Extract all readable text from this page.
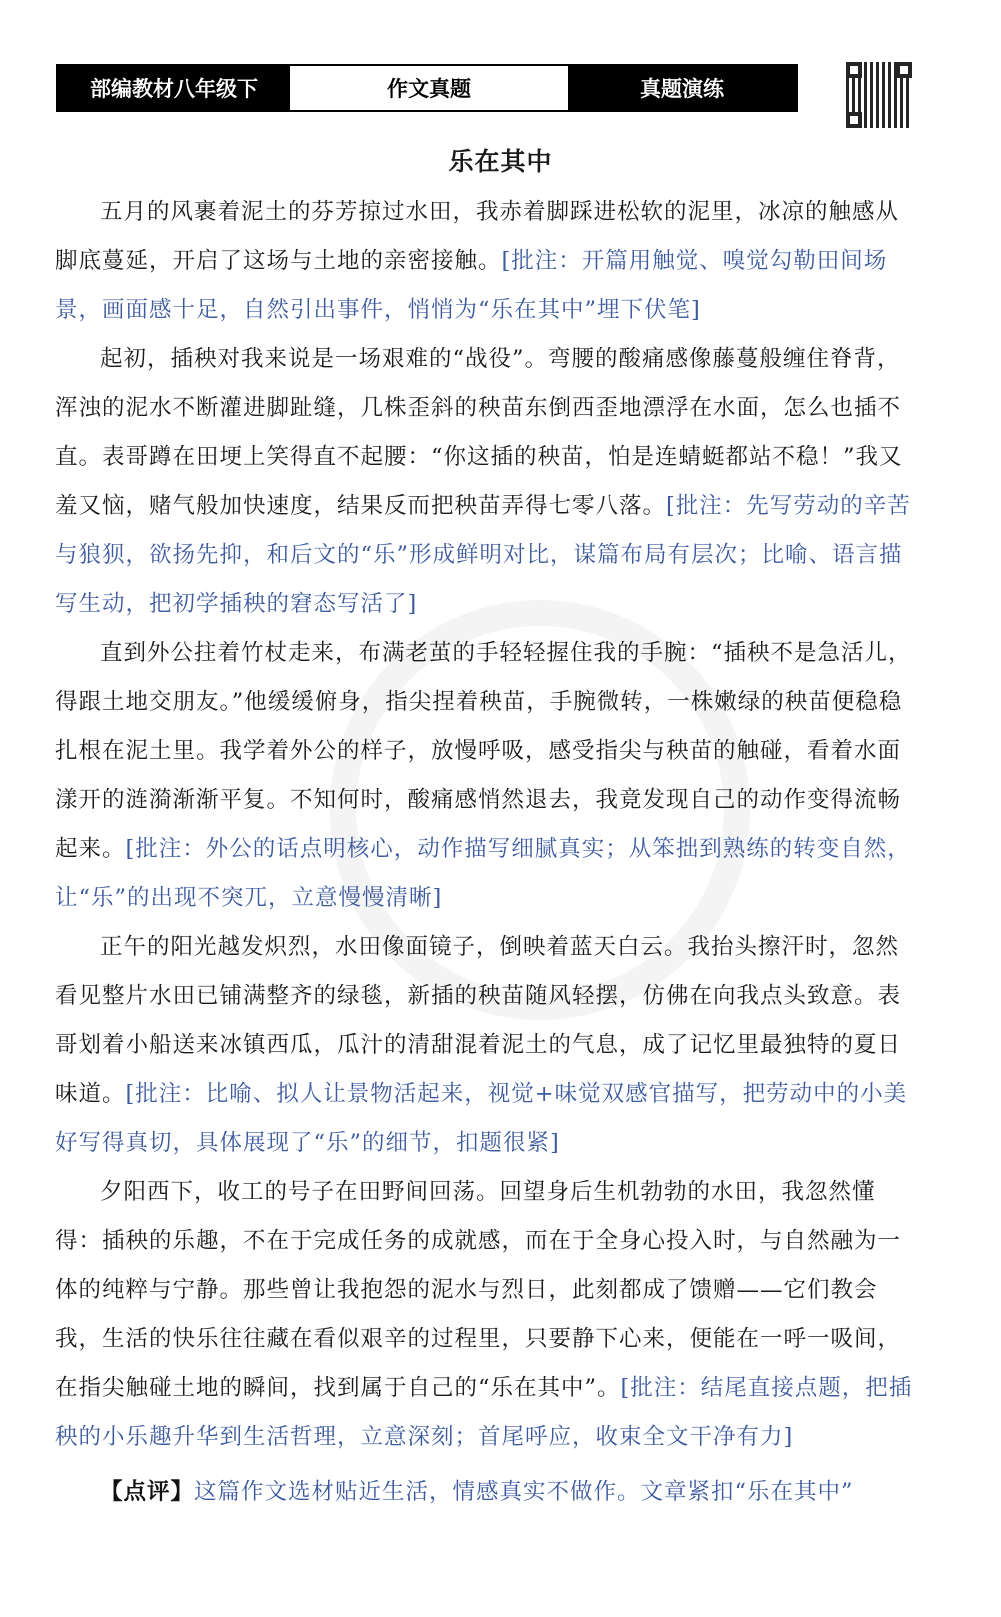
部编教材八年级下	作文真题	真题演练
乐在其中

五月的风裹着泥土的芬芳掠过水田，我赤着脚踩进松软的泥里，冰凉的触感从脚底蔓延，开启了这场与土地的亲密接触。[批注：开篇用触觉、嗅觉勾勒田间场景，画面感十足，自然引出事件，悄悄为“乐在其中”埋下伏笔]

起初，插秧对我来说是一场艰难的“战役”。弯腰的酸痛感像藤蔓般缠住脊背，浑浊的泥水不断灌进脚趾缝，几株歪斜的秧苗东倒西歪地漂浮在水面，怎么也插不直。表哥蹲在田埂上笑得直不起腰：“你这插的秧苗，怕是连蜻蜓都站不稳！”我又羞又恼，赌气般加快速度，结果反而把秧苗弄得七零八落。[批注：先写劳动的辛苦与狼狈，欲扬先抑，和后文的“乐”形成鲜明对比，谋篇布局有层次；比喻、语言描写生动，把初学插秧的窘态写活了]

直到外公拄着竹杖走来，布满老茧的手轻轻握住我的手腕：“插秧不是急活儿，得跟土地交朋友。”他缓缓俯身，指尖捏着秧苗，手腕微转，一株嫩绿的秧苗便稳稳扎根在泥土里。我学着外公的样子，放慢呼吸，感受指尖与秧苗的触碰，看着水面漾开的涟漪渐渐平复。不知何时，酸痛感悄然退去，我竟发现自己的动作变得流畅起来。[批注：外公的话点明核心，动作描写细腻真实；从笨拙到熟练的转变自然，让“乐”的出现不突兀，立意慢慢清晰]

正午的阳光越发炽烈，水田像面镜子，倒映着蓝天白云。我抬头擦汗时，忽然看见整片水田已铺满整齐的绿毯，新插的秧苗随风轻摆，仿佛在向我点头致意。表哥划着小船送来冰镇西瓜，瓜汁的清甜混着泥土的气息，成了记忆里最独特的夏日味道。[批注：比喻、拟人让景物活起来，视觉+味觉双感官描写，把劳动中的小美好写得真切，具体展现了“乐”的细节，扣题很紧]

夕阳西下，收工的号子在田野间回荡。回望身后生机勃勃的水田，我忽然懂得：插秧的乐趣，不在于完成任务的成就感，而在于全身心投入时，与自然融为一体的纯粹与宁静。那些曾让我抱怨的泥水与烈日，此刻都成了馈赠——它们教会我，生活的快乐往往藏在看似艰辛的过程里，只要静下心来，便能在一呼一吸间，在指尖触碰土地的瞬间，找到属于自己的“乐在其中”。[批注：结尾直接点题，把插秧的小乐趣升华到生活哲理，立意深刻；首尾呼应，收束全文干净有力]

【点评】这篇作文选材贴近生活，情感真实不做作。文章紧扣“乐在其中”
